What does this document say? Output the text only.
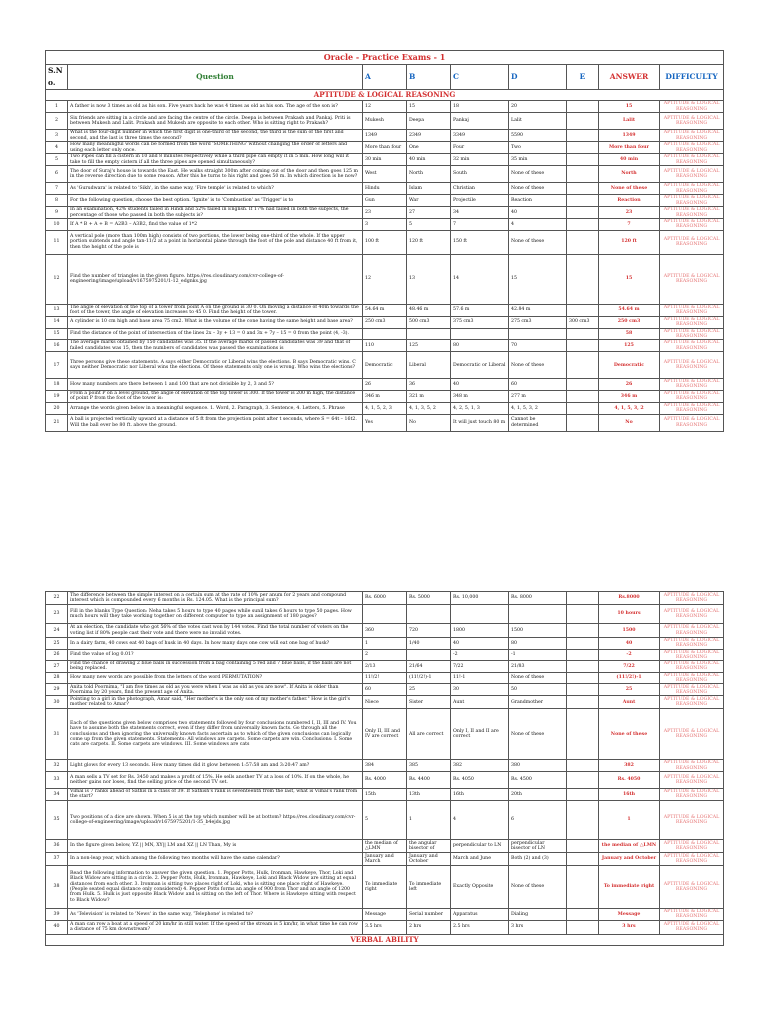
Oracle - Practice Exams - 1								
S.No.	Question	A	B	C	D	E	ANSWER	DIFFICULTY
APTITUDE & LOGICAL REASONING								
1	A father is now 3 times as old as his son. Five years back he was 4 times as old as his son. The age of the son is?	12	15	18	20		15	APTITUDE & LOGICAL REASONING
2	Six friends are sitting in a circle and are facing the centre of the circle. Deepa is between Prakash and Pankaj. Priti is between Mukesh and Lalit. Prakash and Mukesh are opposite to each other. Who is sitting right to Prakash?	Mukesh	Deepa	Pankaj	Lalit		Lalit	APTITUDE & LOGICAL REASONING
3	What is the four-digit number in which the first digit is one-third of the second, the third is the sum of the first and second, and the last is three times the second?	1349	2349	3349	5590		1349	APTITUDE & LOGICAL REASONING
4	How many meaningful words can be formed from the word 'SOMETHING' without changing the order of letters and using each letter only once.	More than four	One	Four	Two		More than four	APTITUDE & LOGICAL REASONING
5	Two Pipes can fill a cistern in 10 and 8 minutes respectively while a third pipe can empty it in 5 min. How long will it take to fill the empty cistern if all the three pipes are opened simultaneously?	30 min	40 min	32 min	35 min		40 min	APTITUDE & LOGICAL REASONING
6	The door of Suraj's house is towards the East. He walks straight 300m after coming out of the door and then goes 125 m in the reverse direction due to some reason. After this he turns to his right and goes 50 m. In which direction is he now?	West	North	South	None of these		North	APTITUDE & LOGICAL REASONING
7	As 'Gurudwara' is related to 'Sikh', in the same way, 'Fire temple' is related to which?	Hindu	Islam	Christian	None of these		None of these	APTITUDE & LOGICAL REASONING
8	For the following question, choose the best option. 'Ignite' is to 'Combustion' as 'Trigger' is to	Gun	War	Projectile	Reaction		Reaction	APTITUDE & LOGICAL REASONING
9	In an examination, 42% students failed in Hindi and 52% failed in English. If 17% had failed in both the subjects, the percentage of those who passed in both the subjects is?	23	27	34	40		23	APTITUDE & LOGICAL REASONING
10	If A * B + A + B = A2B3 – A3B2, find the value of 1*2	3	5	7	4		7	APTITUDE & LOGICAL REASONING
11	A vertical pole (more than 100m high) consists of two portions, the lower being one-third of the whole. If the upper portion subtends and angle tan-11/2 at a point in horizontal plane through the foot of the pole and distance 40 ft from it, then the height of the pole is	100 ft	120 ft	150 ft	None of these		120 ft	APTITUDE & LOGICAL REASONING
12	Find the number of triangles in the given figure. https://res.cloudinary.com/cvr-college-of-engineering/image/upload/v1675975201/1-12_edgnks.jpg	12	13	14	15		15	APTITUDE & LOGICAL REASONING
13	The angle of elevation of the top of a tower from point A on the ground is 30 0. On moving a distance of 40m towards the foot of the tower, the angle of elevation increases to 45 0. Find the height of the tower.	54.64 m	48.46 m	57.6 m	42.84 m		54.64 m	APTITUDE & LOGICAL REASONING
14	A cylinder is 10 cm high and base area 75 cm2. What is the volume of the cone having the same height and base area?	250 cm3	500 cm3	375 cm3	275 cm3	300 cm3	250 cm3	APTITUDE & LOGICAL REASONING
15	Find the distance of the point of intersection of the lines 2x – 3y + 13 = 0 and 3x + 7y – 15 = 0 from the point (4, -3).						58	APTITUDE & LOGICAL REASONING
16	The average marks obtained by 150 candidates was 35. If the average marks of passed candidates was 39 and that of failed candidates was 15, then the numbers of candidates was passed the examinations is	110	125	80	70		125	APTITUDE & LOGICAL REASONING
17	Three persons give these statements. A says either Democratic or Liberal wins the elections. B says Democratic wins. C says neither Democratic nor Liberal wins the elections. Of these statements only one is wrong. Who wins the elections?	Democratic	Liberal	Democratic or Liberal	None of these		Democratic	APTITUDE & LOGICAL REASONING
18	How many numbers are there between 1 and 100 that are not divisible by 2, 3 and 5?	26	36	40	60		26	APTITUDE & LOGICAL REASONING
19	From a point P on a level ground, the angle of elevation of the top tower is 300. If the tower is 200 m high, the distance of point P from the foot of the tower is:	346 m	321 m	348 m	277 m		346 m	APTITUDE & LOGICAL REASONING
20	Arrange the words given below in a meaningful sequence. 1. Word, 2. Paragraph, 3. Sentence, 4. Letters, 5. Phrase	4, 1, 5, 2, 3	4, 1, 3, 5, 2	4, 2, 5, 1, 3	4, 1, 5, 3, 2		4, 1, 5, 3, 2	APTITUDE & LOGICAL REASONING
21	A ball is projected vertically upward at a distance of 5 ft from the projection point after t seconds, where S = 64t – 16t2. Will the ball ever be 80 ft. above the ground.	Yes	No	It will just touch 80 m	Cannot be determined		No	APTITUDE & LOGICAL REASONING
22	The difference between the simple interest on a certain sum at the rate of 10% per anum for 2 years and compound interest which is compounded every 6 months is Rs. 124.05. What is the principal sum?	Rs. 6000	Rs. 5000	Rs. 10,000	Rs. 8000		Rs.8000	APTITUDE & LOGICAL REASONING
23	Fill in the blanks Type Question: Neha takes 5 hours to type 40 pages while sunil takes 6 hours to type 50 pages. How much hours will they take working together on different computer to type an assignment of 180 pages?						10 hours	APTITUDE & LOGICAL REASONING
24	At an election, the candidate who got 56% of the votes cast won by 144 votes. Find the total number of voters on the voting list if 80% people cast their vote and there were no invalid votes.	360	720	1800	1500		1500	APTITUDE & LOGICAL REASONING
25	In a dairy farm, 40 cows eat 40 bags of husk in 40 days. In how many days one cow will eat one bag of husk?	1	1/40	40	80		40	APTITUDE & LOGICAL REASONING
26	Find the value of log 0.01?	2		-2	-1		-2	APTITUDE & LOGICAL REASONING
27	Find the chance of drawing 2 blue balls in succession from a bag containing 5 red and 7 blue balls, if the balls are not being replaced.	2/13	21/64	7/22	21/83		7/22	APTITUDE & LOGICAL REASONING
28	How many new words are possible from the letters of the word PERMUTATION?	11!/2!	(11!/2!)-1	11!-1	None of these		(11!/2!)-1	APTITUDE & LOGICAL REASONING
29	Anita told Poornima, "I am five times as old as you were when I was as old as you are now". If Anita is older than Poornima by 20 years, find the present age of Anita.	60	25	30	50		25	APTITUDE & LOGICAL REASONING
30	Pointing to a girl in the photograph, Amar said, "Her mother's is the only son of my mother's father." How is the girl's mother related to Amar?	Niece	Sister	Aunt	Grandmother		Aunt	APTITUDE & LOGICAL REASONING
31	Each of the questions given below comprises two statements followed by four conclusions numbered I, II, III and IV. You have to assume both the statements correct, even if they differ from universally known facts. Go through all the conclusions and then ignoring the universally known facts ascertain as to which of the given conclusions can logically come up from the given statements. Statements: All windows are carpets. Some carpets are win. Conclusions: I. Some cats are carpets. II. Some carpets are windows. III. Some windows are cats	Only II, III and IV are correct	All are correct	Only I, II and II are correct	None of these		None of these	APTITUDE & LOGICAL REASONING
32	Light glows for every 13 seconds. How many times did it glow between 1:57:58 am and 3:20:47 am?	384	385	382	380		382	APTITUDE & LOGICAL REASONING
33	A man sells a TV set for Rs. 3450 and makes a profit of 15%. He sells another TV at a loss of 10%. If on the whole, he neither gains nor loses, find the selling price of the second TV set.	Rs. 4000	Rs. 4400	Rs. 4050	Rs. 4500		Rs. 4050	APTITUDE & LOGICAL REASONING
34	Vimal is 7 ranks ahead of Sathis in a class of 39. If Sathish's rank is seventeenth from the last, what is Vimal's rank from the start?	15th	13th	16th	20th		16th	APTITUDE & LOGICAL REASONING
35	Two positions of a dice are shown. When 5 is at the top which number will be at bottom? https://res.cloudinary.com/cvr-college-of-engineering/image/upload/v1675975201/1-35_b4ejds.jpg	5	1	4	6		1	APTITUDE & LOGICAL REASONING
36	In the figure given below, YZ || MN, XY|| LM and XZ || LN Than, My is	the median of △LMN	the angular bisector of	perpendicular to LN	perpendicular bisector of LN		the median of △LMN	APTITUDE & LOGICAL REASONING
37	In a non-leap year, which among the following two months will have the same calendar?	January and March	January and October	March and June	Both (2) and (3)		January and October	APTITUDE & LOGICAL REASONING
38	Read the following information to answer the given question. 1. Pepper Potts, Hulk, Ironman, Hawkeye, Thor, Loki and Black Widow are sitting in a circle. 2. Pepper Potts, Hulk, Ironman, Hawkeye, Loki and Black Widow are sitting at equal distances from each other. 3. Ironman is sitting two places right of Loki, who is sitting one place right of Hawkeye. (People seated equal distance only considered) 4. Pepper Potts forms an angle of 900 from Thor and an angle of 1200 from Hulk. 5. Hulk is just opposite Black Widow and is sitting on the left of Thor. Where is Hawkeye sitting with respect to Black Widow?	To immediate right	To immediate left	Exactly Opposite	None of these		To immediate right	APTITUDE & LOGICAL REASONING
39	As 'Television' is related to 'News' in the same way, 'Telephone' is related to?	Message	Serial number	Apparatus	Dialing		Message	APTITUDE & LOGICAL REASONING
40	A man can row a boat at a speed of 20 km/hr in still water. If the speed of the stream is 5 km/hr, in what time he can row a distance of 75 km downstream?	3.5 hrs	2 hrs	2.5 hrs	3 hrs		3 hrs	APTITUDE & LOGICAL REASONING
VERBAL ABILITY								
